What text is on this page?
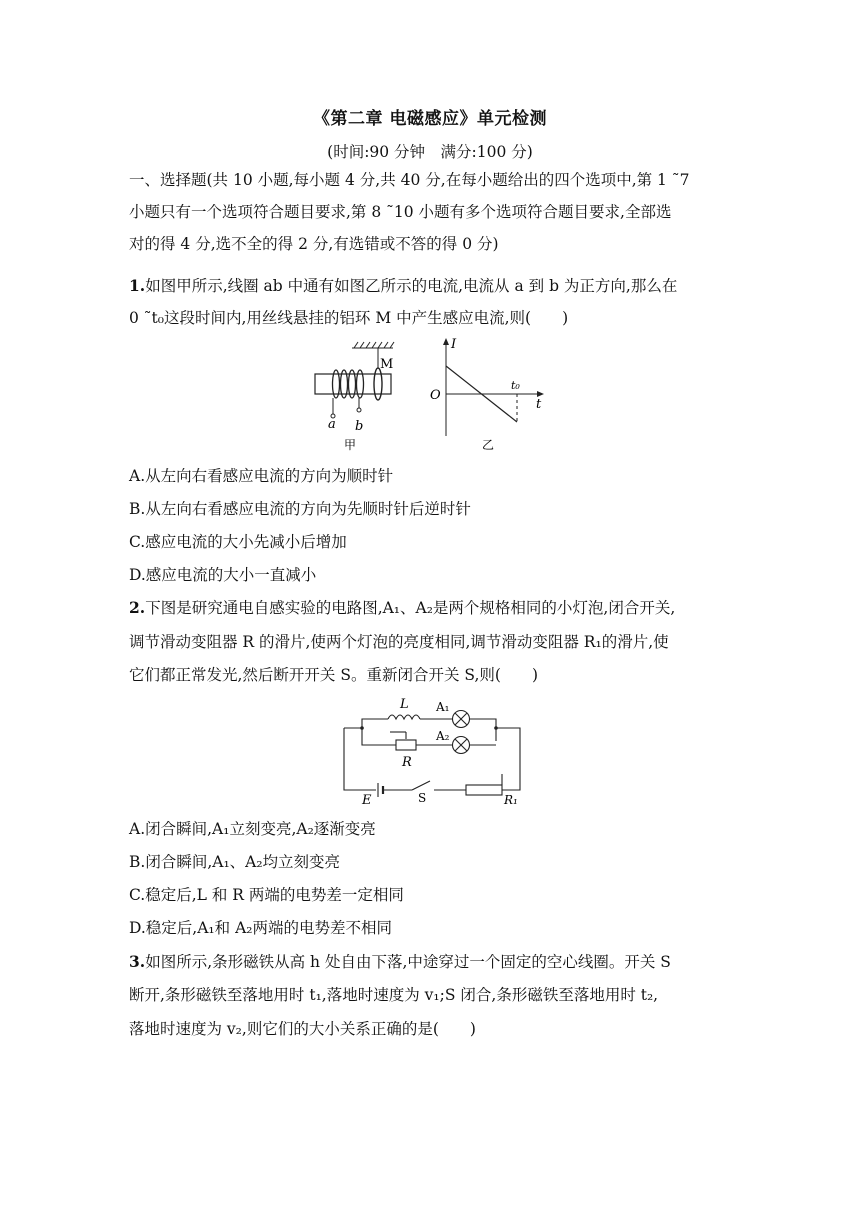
《第二章 电磁感应》单元检测
(时间:90 分钟　满分:100 分)
一、选择题(共 10 小题,每小题 4 分,共 40 分,在每小题给出的四个选项中,第 1 ˜7
小题只有一个选项符合题目要求,第 8 ˜10 小题有多个选项符合题目要求,全部选
对的得 4 分,选不全的得 2 分,有选错或不答的得 0 分)
1.如图甲所示,线圈 ab 中通有如图乙所示的电流,电流从 a 到 b 为正方向,那么在
0 ˜t₀这段时间内,用丝线悬挂的铝环 M 中产生感应电流,则(　　)
M
a b
甲
I
t
O
t₀
乙
A.从左向右看感应电流的方向为顺时针
B.从左向右看感应电流的方向为先顺时针后逆时针
C.感应电流的大小先减小后增加
D.感应电流的大小一直减小
2.下图是研究通电自感实验的电路图,A₁、A₂是两个规格相同的小灯泡,闭合开关,
调节滑动变阻器 R 的滑片,使两个灯泡的亮度相同,调节滑动变阻器 R₁的滑片,使
它们都正常发光,然后断开开关 S。重新闭合开关 S,则(　　)
L A₁
A₂
R
E	S	R₁
A.闭合瞬间,A₁立刻变亮,A₂逐渐变亮
B.闭合瞬间,A₁、A₂均立刻变亮
C.稳定后,L 和 R 两端的电势差一定相同
D.稳定后,A₁和 A₂两端的电势差不相同
3.如图所示,条形磁铁从高 h 处自由下落,中途穿过一个固定的空心线圈。开关 S
断开,条形磁铁至落地用时 t₁,落地时速度为 v₁;S 闭合,条形磁铁至落地用时 t₂,
落地时速度为 v₂,则它们的大小关系正确的是(　　)
